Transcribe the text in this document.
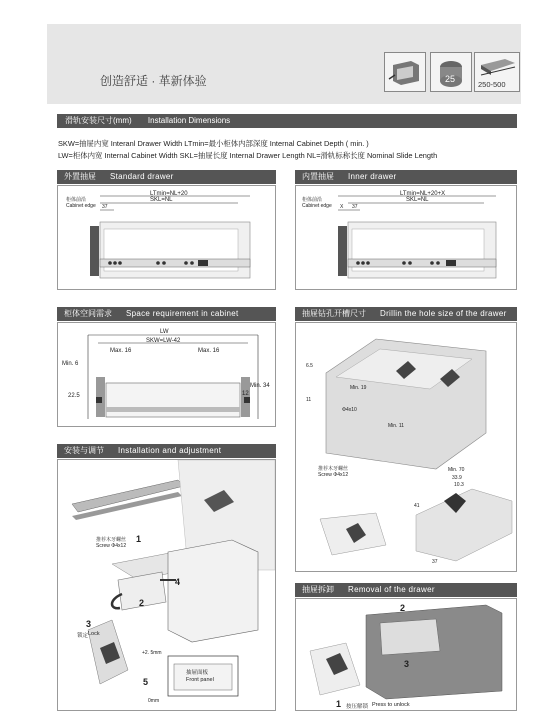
创造舒适 · 革新体验	25
250-500
滑轨安装尺寸(mm) Installation Dimensions
SKW=抽屉内宽 Interanl Drawer Width LTmin=最小柜体内部深度 Internal Cabinet Depth ( min. )
LW=柜体内宽 Internal Cabinet Width SKL=抽屉长度 Internal Drawer Length NL=滑轨标称长度 Nominal Slide Length
外置抽屉 Standard drawer
LTmin=NL+20
SKL=NL
柜体前沿
Cabinet edge 37
内置抽屉 Inner drawer
LTmin=NL+20+X
SKL=NL
柜体前沿
Cabinet edge X 37
柜体空间需求 Space requirement in cabinet
LW
SKW=LW-42
Max. 16	Max. 16
Min. 6
Min. 34
22.5	12
抽屉钻孔开槽尺寸 Drillin the hole size of the drawer
6.5
Min. 19
11
Φ4x10
Min. 11
推荐木牙螺丝
Screw Φ4x12
Min. 70
33.9
10.3
41
37
安装与调节 Installation and adjustment
推荐木牙螺丝
Screw Φ4x12
1
2
3
4
5
锁定 Lock
+2. 5mm
0mm
抽屉面板
Front panel
抽屉拆卸 Removal of the drawer
2
3
1 按压解锁 Press to unlock
